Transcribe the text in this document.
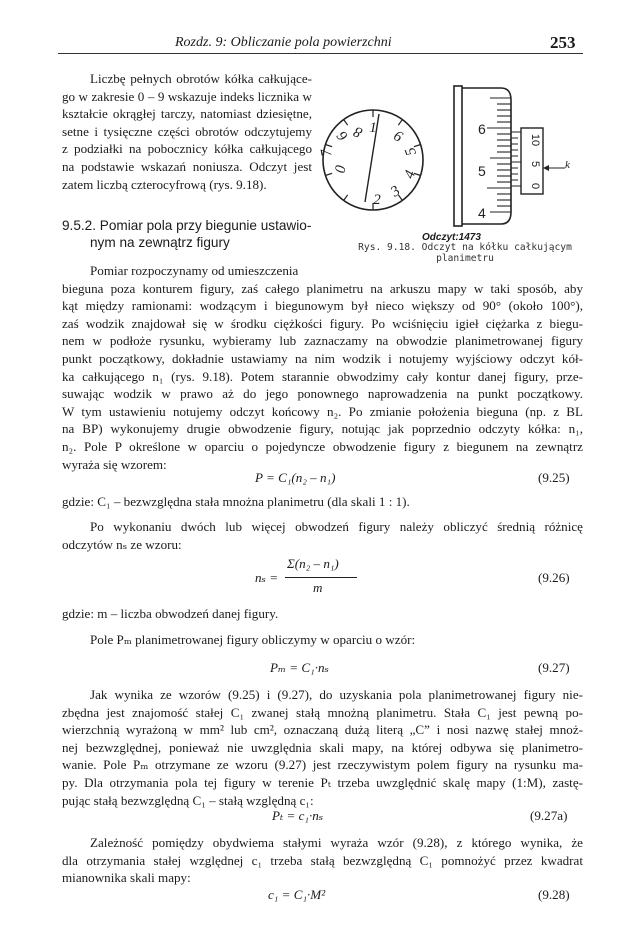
Rozdz. 9: Obliczanie pola powierzchni	253
Liczbę pełnych obrotów kółka całkujące-
go w zakresie 0 – 9 wskazuje indeks licznika w
kształcie okrągłej tarczy, natomiast dziesiętne,
setne i tysięczne części obrotów odczytujemy
z podziałki na pobocznicy kółka całkującego
na podstawie wskazań noniusza. Odczyt jest
zatem liczbą czterocyfrową (rys. 9.18).
9.5.2. Pomiar pola przy biegunie ustawio-
nym na zewnątrz figury
0
1
2 3
4
5
6
7
8 9	6
5
4
10
5
0
k
Odczyt:1473
Rys. 9.18. Odczyt na kółku całkującym
planimetru
Pomiar rozpoczynamy od umieszczenia
bieguna poza konturem figury, zaś całego planimetru na arkuszu mapy w taki sposób, aby
kąt między ramionami: wodzącym i biegunowym był nieco większy od 90° (około 100°),
zaś wodzik znajdował się w środku ciężkości figury. Po wciśnięciu igieł ciężarka z biegu-
nem w podłoże rysunku, wybieramy lub zaznaczamy na obwodzie planimetrowanej figury
punkt początkowy, dokładnie ustawiamy na nim wodzik i notujemy wyjściowy odczyt kół-
ka całkującego n₁ (rys. 9.18). Potem starannie obwodzimy cały kontur danej figury, prze-
suwając wodzik w prawo aż do jego ponownego naprowadzenia na punkt początkowy.
W tym ustawieniu notujemy odczyt końcowy n₂. Po zmianie położenia bieguna (np. z BL
na BP) wykonujemy drugie obwodzenie figury, notując jak poprzednio odczyty kółka: n₁,
n₂. Pole P określone w oparciu o pojedyncze obwodzenie figury z biegunem na zewnątrz
wyraża się wzorem:
P = C₁(n₂ – n₁)	(9.25)
gdzie: C₁ – bezwzględna stała mnożna planimetru (dla skali 1 : 1).
Po wykonaniu dwóch lub więcej obwodzeń figury należy obliczyć średnią różnicę
odczytów nₛ ze wzoru:
nₛ =
Σ(n₂ – n₁)
m
(9.26)
gdzie: m – liczba obwodzeń danej figury.
Pole Pₘ planimetrowanej figury obliczymy w oparciu o wzór:
Pₘ = C₁·nₛ	(9.27)
Jak wynika ze wzorów (9.25) i (9.27), do uzyskania pola planimetrowanej figury nie-
zbędna jest znajomość stałej C₁ zwanej stałą mnożną planimetru. Stała C₁ jest pewną po-
wierzchnią wyrażoną w mm² lub cm², oznaczaną dużą literą „C” i nosi nazwę stałej mnoż-
nej bezwzględnej, ponieważ nie uwzględnia skali mapy, na której odbywa się planimetro-
wanie. Pole Pₘ otrzymane ze wzoru (9.27) jest rzeczywistym polem figury na rysunku ma-
py. Dla otrzymania pola tej figury w terenie Pₜ trzeba uwzględnić skalę mapy (1:M), zastę-
pując stałą bezwzględną C₁ – stałą względną c₁:
Pₜ = c₁·nₛ	(9.27a)
Zależność pomiędzy obydwiema stałymi wyraża wzór (9.28), z którego wynika, że
dla otrzymania stałej względnej c₁ trzeba stałą bezwzględną C₁ pomnożyć przez kwadrat
mianownika skali mapy:
c₁ = C₁·M²	(9.28)
